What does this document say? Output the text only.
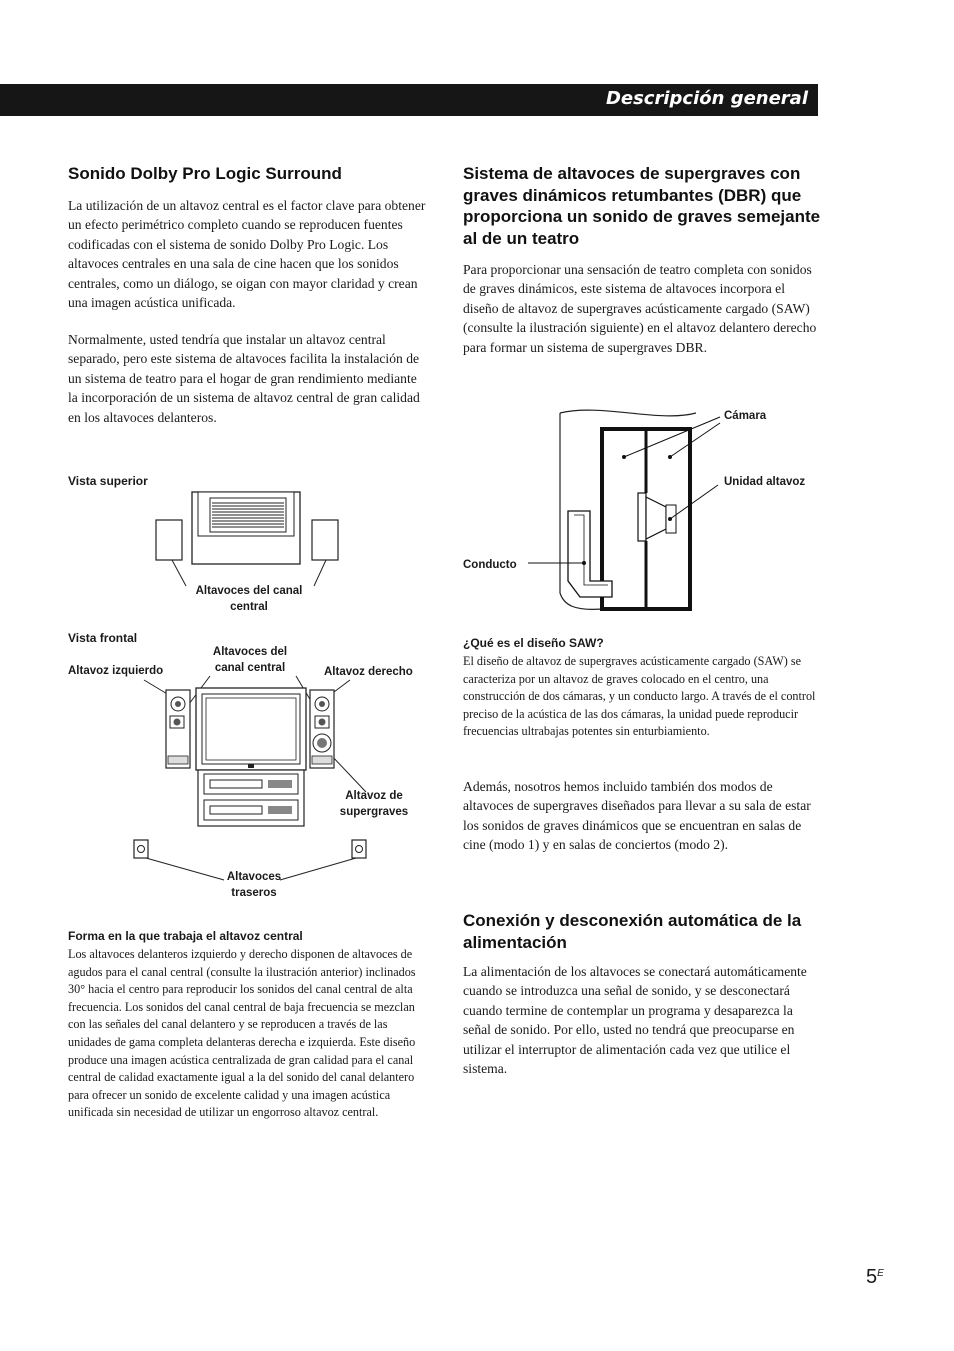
Descripción general
Sonido Dolby Pro Logic Surround

La utilización de un altavoz central es el factor clave para obtener un efecto perimétrico completo cuando se reproducen fuentes codificadas con el sistema de sonido Dolby Pro Logic. Los altavoces centrales en una sala de cine hacen que los sonidos centrales, como un diálogo, se oigan con mayor claridad y crean una imagen acústica unificada.

Normalmente, usted tendría que instalar un altavoz central separado, pero este sistema de altavoces facilita la instalación de un sistema de teatro para el hogar de gran rendimiento mediante la incorporación de un sistema de altavoz central de gran calidad en los altavoces delanteros.

Vista superior

Altavoces del canal central

Vista frontal

Altavoz izquierdo

Altavoces del canal central	Altavoz derecho

Altavoz de supergraves

Altavoces traseros

Forma en la que trabaja el altavoz central

Los altavoces delanteros izquierdo y derecho disponen de altavoces de agudos para el canal central (consulte la ilustración anterior) inclinados 30° hacia el centro para reproducir los sonidos del canal central de alta frecuencia. Los sonidos del canal central de baja frecuencia se mezclan con las señales del canal delantero y se reproducen a través de las unidades de gama completa delanteras derecha e izquierda. Este diseño produce una imagen acústica centralizada de gran calidad para el canal central de calidad exactamente igual a la del sonido del canal delantero para ofrecer un sonido de excelente calidad y una imagen acústica unificada sin necesidad de utilizar un engorroso altavoz central.

Sistema de altavoces de supergraves con graves dinámicos retumbantes (DBR) que proporciona un sonido de graves semejante al de un teatro

Para proporcionar una sensación de teatro completa con sonidos de graves dinámicos, este sistema de altavoces incorpora el diseño de altavoz de supergraves acústicamente cargado (SAW) (consulte la ilustración siguiente) en el altavoz delantero derecho para formar un sistema de supergraves DBR.

Cámara

Unidad altavoz

Conducto

¿Qué es el diseño SAW?

El diseño de altavoz de supergraves acústicamente cargado (SAW) se caracteriza por un altavoz de graves colocado en el centro, una construcción de dos cámaras, y un conducto largo. A través de el control preciso de la acústica de las dos cámaras, la unidad puede reproducir frecuencias ultrabajas potentes sin enturbiamiento.

Además, nosotros hemos incluido también dos modos de altavoces de supergraves diseñados para llevar a su sala de estar los sonidos de graves dinámicos que se encuentran en salas de cine (modo 1) y en salas de conciertos (modo 2).

Conexión y desconexión automática de la alimentación

La alimentación de los altavoces se conectará automáticamente cuando se introduzca una señal de sonido, y se desconectará cuando termine de contemplar un programa y desaparezca la señal de sonido. Por ello, usted no tendrá que preocuparse en utilizar el interruptor de alimentación cada vez que utilice el sistema.

$5^E$
